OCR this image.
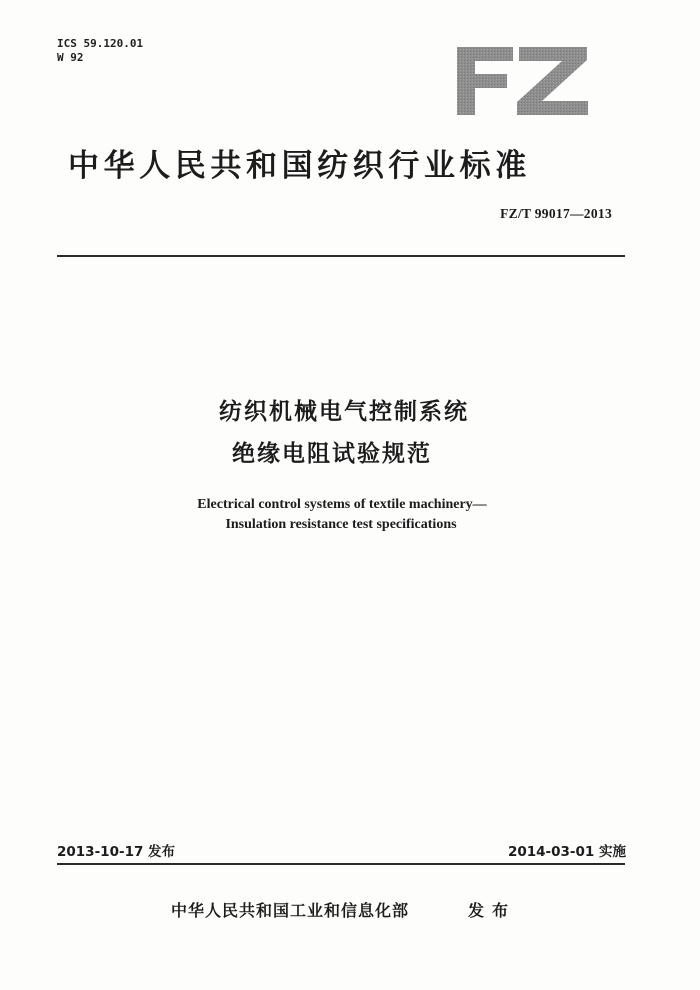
ICS 59.120.01
W 92
中华人民共和国纺织行业标准
FZ/T 99017—2013
纺织机械电气控制系统
绝缘电阻试验规范
Electrical control systems of textile machinery—
Insulation resistance test specifications
2013-10-17 发布	2014-03-01 实施
中华人民共和国工业和信息化部	发布
